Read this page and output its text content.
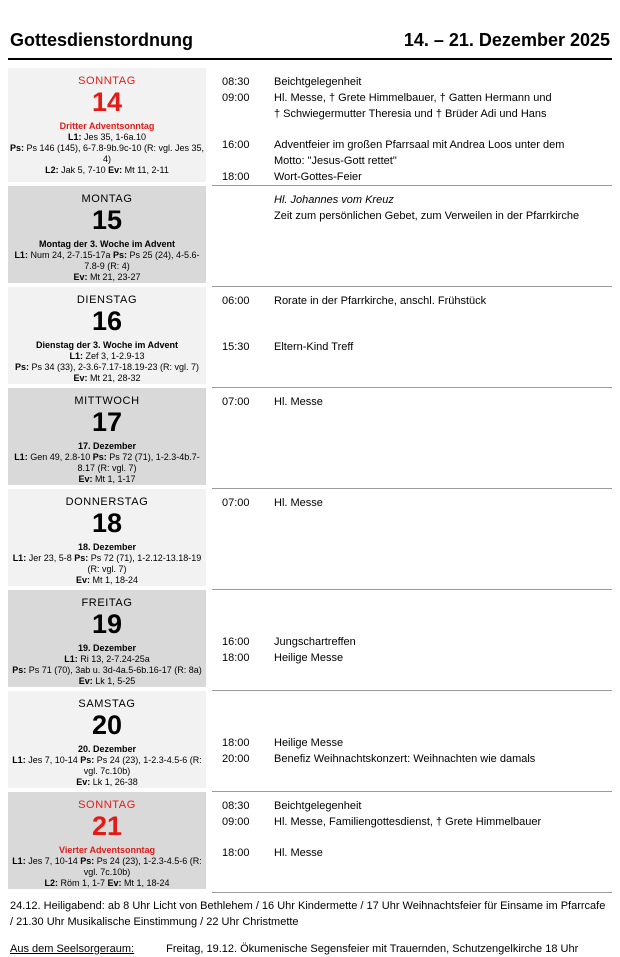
Gottesdienstordnung	14. – 21. Dezember 2025
SONNTAG
14
Dritter Adventsonntag
L1: Jes 35, 1-6a.10
Ps: Ps 146 (145), 6-7.8-9b.9c-10 (R: vgl. Jes 35, 4)
L2: Jak 5, 7-10 Ev: Mt 11, 2-11
08:30	Beichtgelegenheit
09:00	Hl. Messe, † Grete Himmelbauer, † Gatten Hermann und
† Schwiegermutter Theresia und † Brüder Adi und Hans
16:00	Adventfeier im großen Pfarrsaal mit Andrea Loos unter dem
Motto: "Jesus-Gott rettet"
18:00	Wort-Gottes-Feier
MONTAG
15
Montag der 3. Woche im Advent
L1: Num 24, 2-7.15-17a Ps: Ps 25 (24), 4-5.6-7.8-9 (R: 4)
Ev: Mt 21, 23-27
Hl. Johannes vom Kreuz
Zeit zum persönlichen Gebet, zum Verweilen in der Pfarrkirche
DIENSTAG
16
Dienstag der 3. Woche im Advent
L1: Zef 3, 1-2.9-13
Ps: Ps 34 (33), 2-3.6-7.17-18.19-23 (R: vgl. 7) Ev: Mt 21, 28-32
06:00	Rorate in der Pfarrkirche, anschl. Frühstück
15:30	Eltern-Kind Treff
MITTWOCH
17
17. Dezember
L1: Gen 49, 2.8-10 Ps: Ps 72 (71), 1-2.3-4b.7-8.17 (R: vgl. 7)
Ev: Mt 1, 1-17
07:00	Hl. Messe
DONNERSTAG
18
18. Dezember
L1: Jer 23, 5-8 Ps: Ps 72 (71), 1-2.12-13.18-19 (R: vgl. 7)
Ev: Mt 1, 18-24
07:00	Hl. Messe
FREITAG
19
19. Dezember
L1: Ri 13, 2-7.24-25a
Ps: Ps 71 (70), 3ab u. 3d-4a.5-6b.16-17 (R: 8a) Ev: Lk 1, 5-25
16:00	Jungschartreffen
18:00	Heilige Messe
SAMSTAG
20
20. Dezember
L1: Jes 7, 10-14 Ps: Ps 24 (23), 1-2.3-4.5-6 (R: vgl. 7c.10b)
Ev: Lk 1, 26-38
18:00	Heilige Messe
20:00	Benefiz Weihnachtskonzert: Weihnachten wie damals
SONNTAG
21
Vierter Adventsonntag
L1: Jes 7, 10-14 Ps: Ps 24 (23), 1-2.3-4.5-6 (R: vgl. 7c.10b)
L2: Röm 1, 1-7 Ev: Mt 1, 18-24
08:30	Beichtgelegenheit
09:00	Hl. Messe, Familiengottesdienst, † Grete Himmelbauer
18:00	Hl. Messe
24.12. Heiligabend: ab 8 Uhr Licht von Bethlehem / 16 Uhr Kindermette / 17 Uhr Weihnachtsfeier für Einsame im Pfarrcafe / 21.30 Uhr Musikalische Einstimmung / 22 Uhr Christmette
Aus dem Seelsorgeraum:	Freitag, 19.12. Ökumenische Segensfeier mit Trauernden, Schutzengelkirche 18 Uhr
